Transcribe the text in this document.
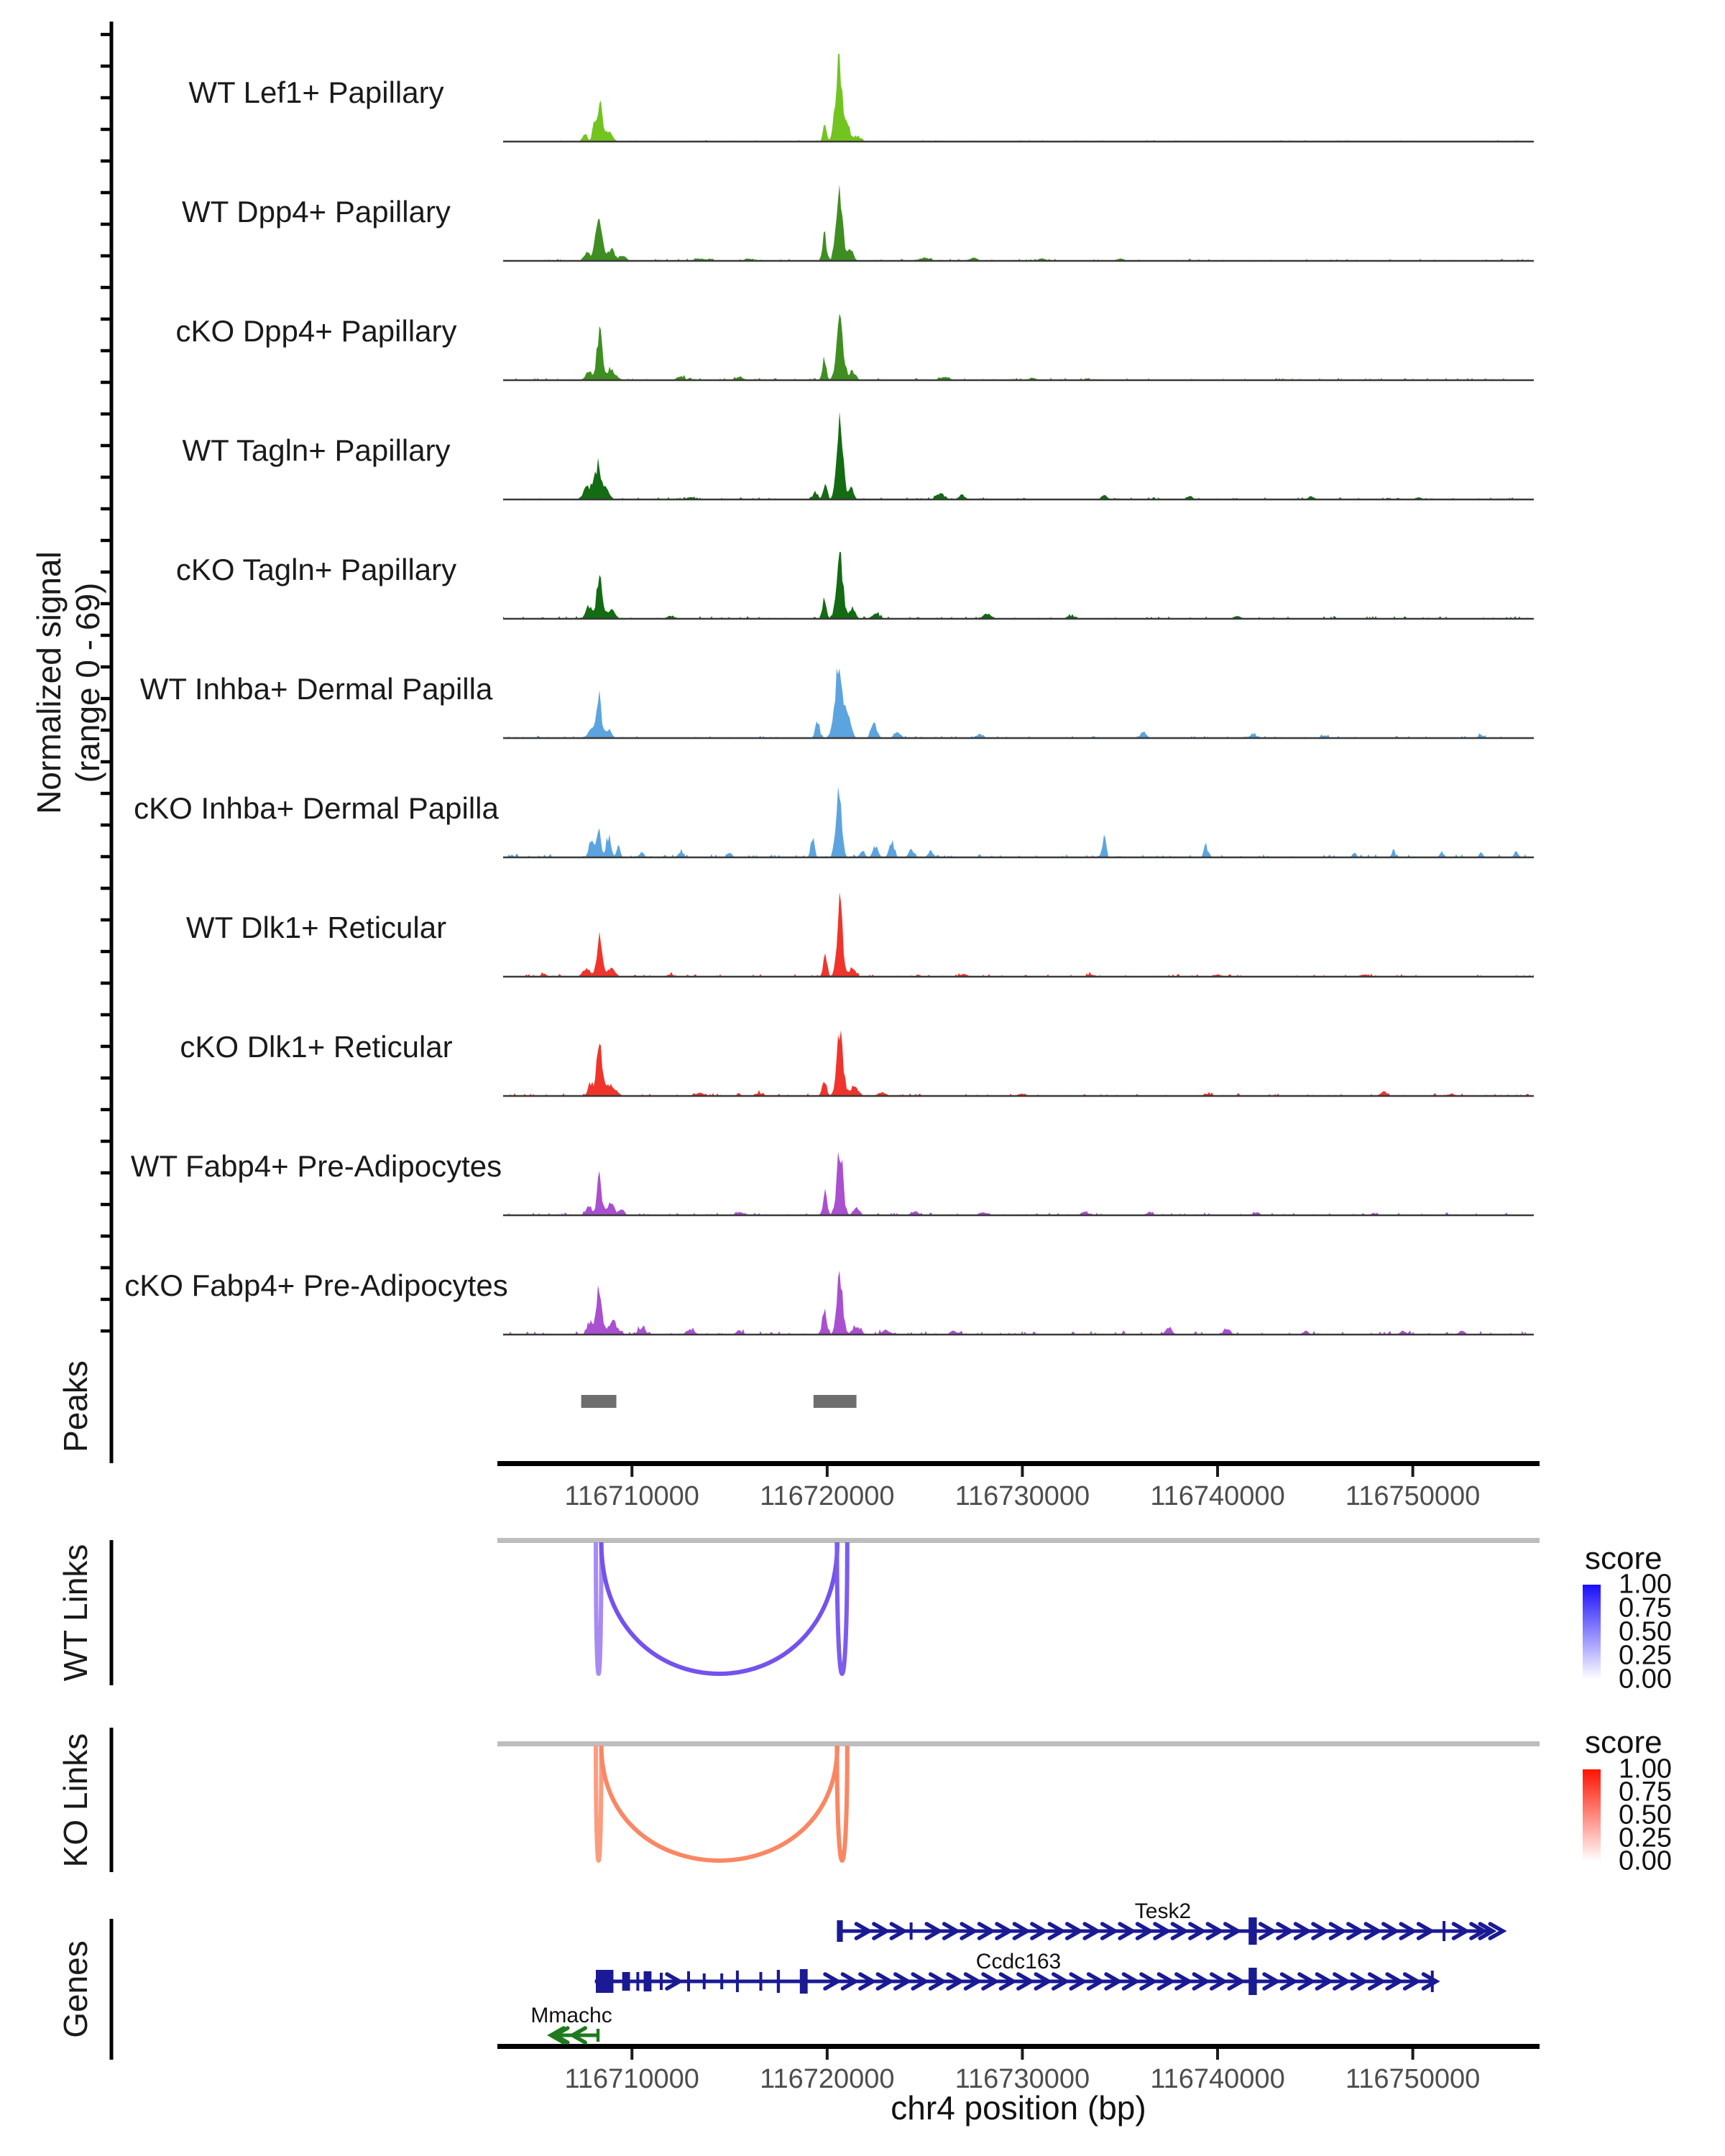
Normalized signal (range 0 - 69)
Peaks
WT Links
KO Links
Genes
score
score
chr4 position (bp)
WT Lef1+ Papillary
WT Dpp4+ Papillary
cKO Dpp4+ Papillary
WT Tagln+ Papillary
cKO Tagln+ Papillary
WT Inhba+ Dermal Papilla
cKO Inhba+ Dermal Papilla
WT Dlk1+ Reticular
cKO Dlk1+ Reticular
WT Fabp4+ Pre-Adipocytes
cKO Fabp4+ Pre-Adipocytes
116710000 116720000 116730000 116740000 116750000
116710000 116720000 116730000 116740000 116750000
1.00
0.75
0.50
0.25
0.00
1.00
0.75
0.50
0.25
0.00
Tesk2
Ccdc163
Mmachc
